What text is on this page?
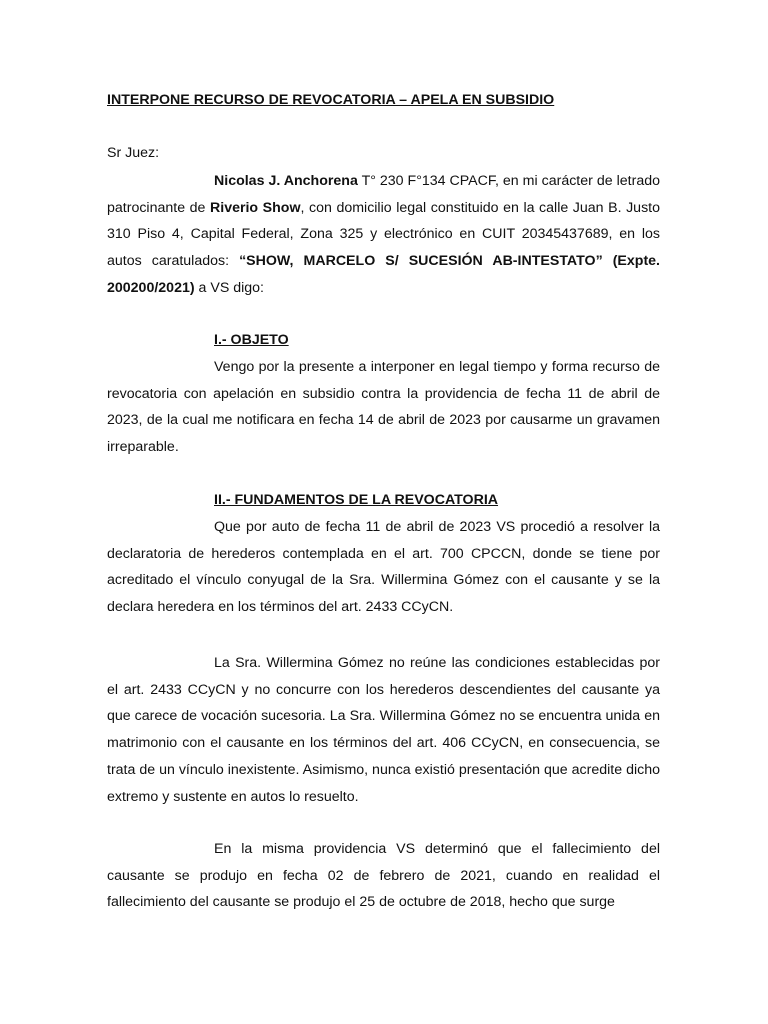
INTERPONE RECURSO DE REVOCATORIA – APELA EN SUBSIDIO
Sr Juez:

Nicolas J. Anchorena T° 230 F°134 CPACF, en mi carácter de letrado patrocinante de Riverio Show, con domicilio legal constituido en la calle Juan B. Justo 310 Piso 4, Capital Federal, Zona 325 y electrónico en CUIT 20345437689, en los autos caratulados: “SHOW, MARCELO S/ SUCESIÓN AB-INTESTATO” (Expte. 200200/2021) a VS digo:

I.- OBJETO

Vengo por la presente a interponer en legal tiempo y forma recurso de revocatoria con apelación en subsidio contra la providencia de fecha 11 de abril de 2023, de la cual me notificara en fecha 14 de abril de 2023 por causarme un gravamen irreparable.

II.- FUNDAMENTOS DE LA REVOCATORIA

Que por auto de fecha 11 de abril de 2023 VS procedió a resolver la declaratoria de herederos contemplada en el art. 700 CPCCN, donde se tiene por acreditado el vínculo conyugal de la Sra. Willermina Gómez con el causante y se la declara heredera en los términos del art. 2433 CCyCN.

La Sra. Willermina Gómez no reúne las condiciones establecidas por el art. 2433 CCyCN y no concurre con los herederos descendientes del causante ya que carece de vocación sucesoria. La Sra. Willermina Gómez no se encuentra unida en matrimonio con el causante en los términos del art. 406 CCyCN, en consecuencia, se trata de un vínculo inexistente. Asimismo, nunca existió presentación que acredite dicho extremo y sustente en autos lo resuelto.

En la misma providencia VS determinó que el fallecimiento del causante se produjo en fecha 02 de febrero de 2021, cuando en realidad el fallecimiento del causante se produjo el 25 de octubre de 2018, hecho que surge
